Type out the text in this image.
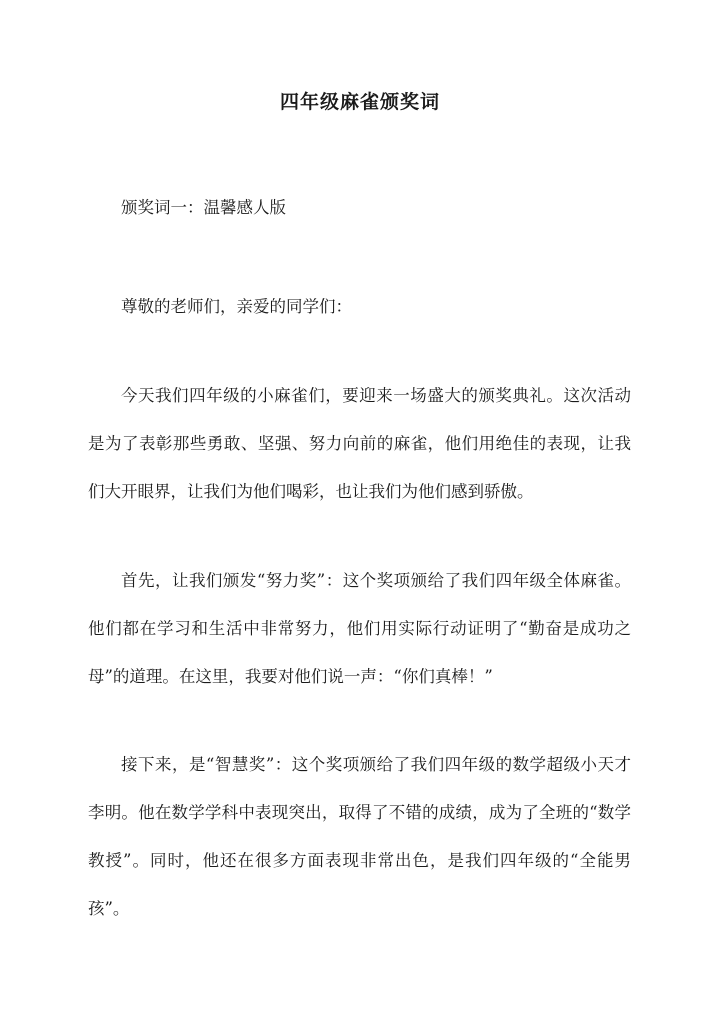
四年级麻雀颁奖词

颁奖词一：温馨感人版

尊敬的老师们，亲爱的同学们：

今天我们四年级的小麻雀们，要迎来一场盛大的颁奖典礼。这次活动是为了表彰那些勇敢、坚强、努力向前的麻雀，他们用绝佳的表现，让我们大开眼界，让我们为他们喝彩，也让我们为他们感到骄傲。

首先，让我们颁发“努力奖”：这个奖项颁给了我们四年级全体麻雀。他们都在学习和生活中非常努力，他们用实际行动证明了“勤奋是成功之母”的道理。在这里，我要对他们说一声：“你们真棒！”

接下来，是“智慧奖”：这个奖项颁给了我们四年级的数学超级小天才李明。他在数学学科中表现突出，取得了不错的成绩，成为了全班的“数学教授”。同时，他还在很多方面表现非常出色，是我们四年级的“全能男孩”。
